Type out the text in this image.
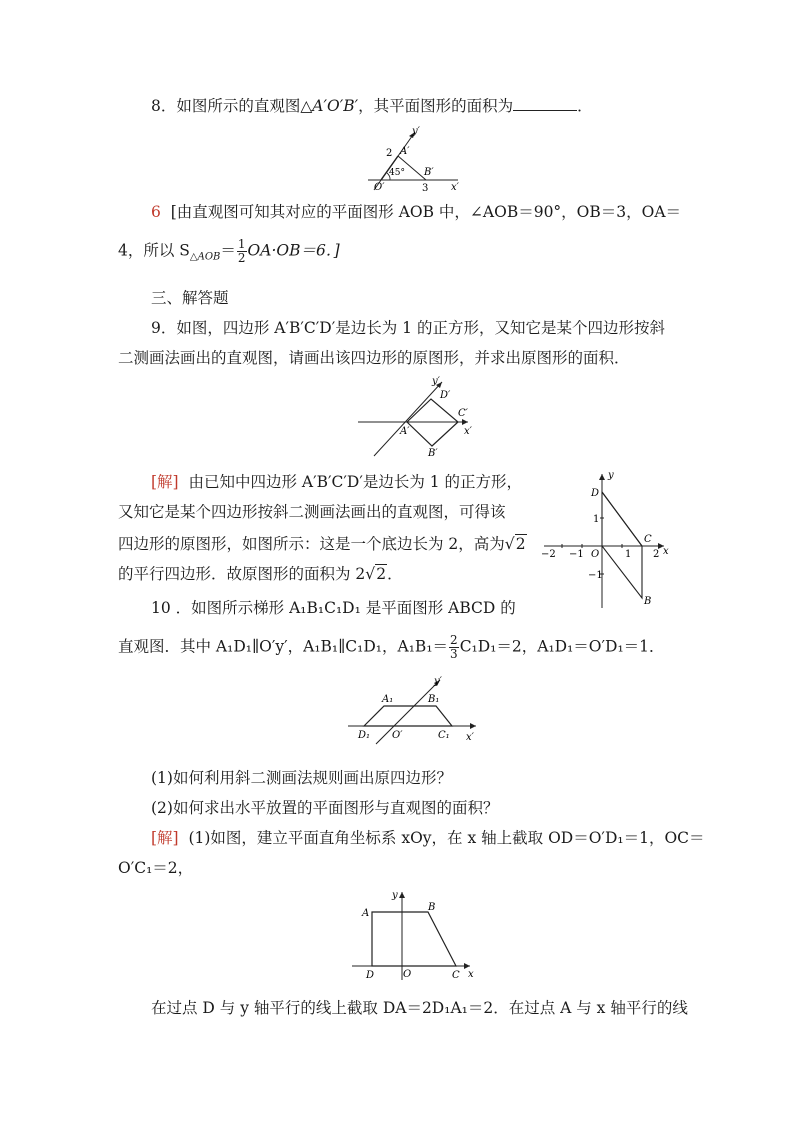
8．如图所示的直观图△A′O′B′，其平面图形的面积为	．
y′
A′
2
45°
O′
B′
3 x′
6 [由直观图可知其对应的平面图形 AOB 中，∠AOB＝90°，OB＝3，OA＝
4，所以 $S_{\triangle AOB}= \frac{1}{2} OA\cdot OB=6$．]
三、解答题
9．如图，四边形 A′B′C′D′是边长为 1 的正方形，又知它是某个四边形按斜
二测画法画出的直观图，请画出该四边形的原图形，并求出原图形的面积．
y′
D′
C′
A′
B′
x′
[解] 由已知中四边形 A′B′C′D′是边长为 1 的正方形，
又知它是某个四边形按斜二测画法画出的直观图，可得该
四边形的原图形，如图所示：这是一个底边长为 2，高为√2
的平行四边形．故原图形的面积为 2√2．
y
D
1
C
−2 −1 O	1 2 x
−1
B
10 ．如图所示梯形 A₁B₁C₁D₁ 是平面图形 ABCD 的
直观图．其中 A₁D₁∥O′y′，A₁B₁∥C₁D₁，$A_1B_1= \frac{2}{3} C_1D_1=2$，A₁D₁＝O′D₁＝1．
y′
A₁	B₁
D₁ O′	C₁ x′
(1)如何利用斜二测画法规则画出原四边形？
(2)如何求出水平放置的平面图形与直观图的面积？
[解] (1)如图，建立平面直角坐标系 xOy，在 x 轴上截取 OD＝O′D₁＝1，OC＝
O′C₁＝2，
y
A
B
D	O	C x
在过点 D 与 y 轴平行的线上截取 DA＝2D₁A₁＝2．在过点 A 与 x 轴平行的线
